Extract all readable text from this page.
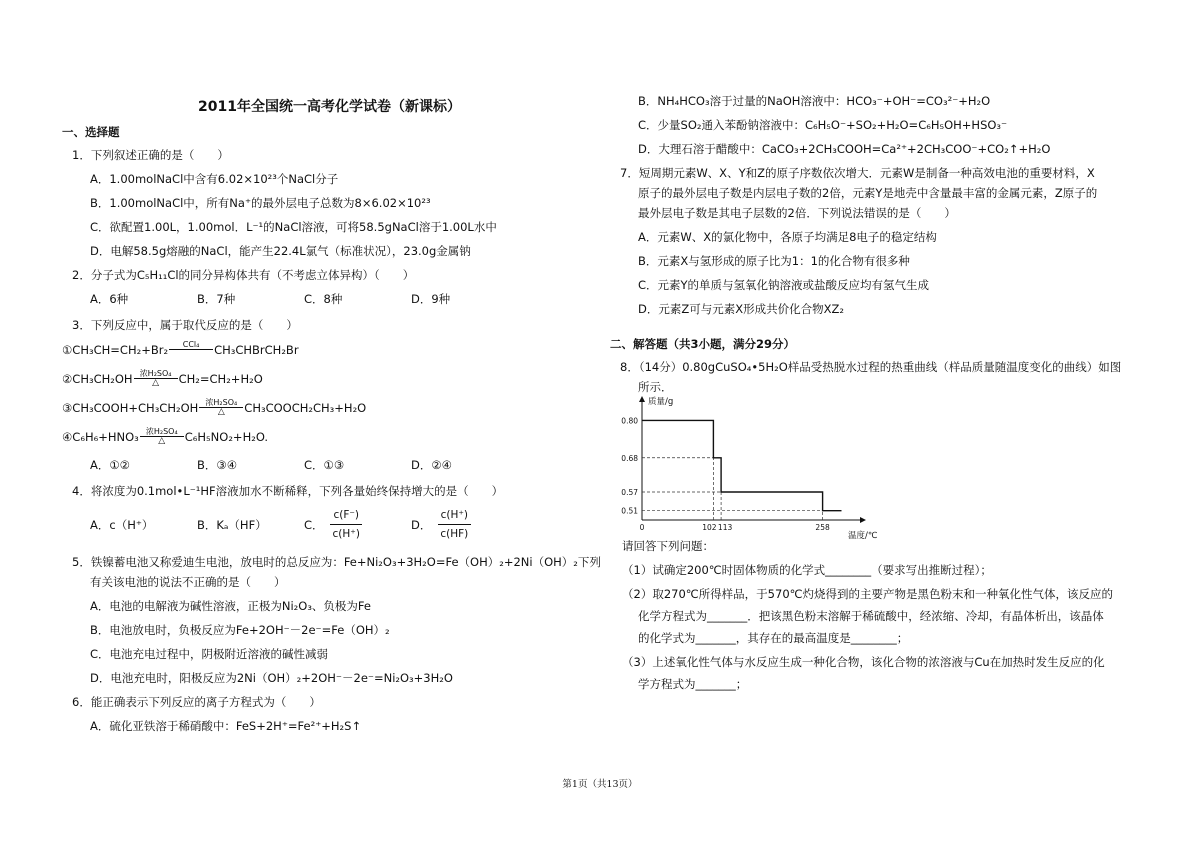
2011年全国统一高考化学试卷（新课标）
一、选择题
1．下列叙述正确的是（　　）
A．1.00molNaCl中含有6.02×10²³个NaCl分子
B．1.00molNaCl中，所有Na⁺的最外层电子总数为8×6.02×10²³
C．欲配置1.00L，1.00mol．L⁻¹的NaCl溶液，可将58.5gNaCl溶于1.00L水中
D．电解58.5g熔融的NaCl，能产生22.4L氯气（标准状况），23.0g金属钠
2．分子式为C₅H₁₁Cl的同分异构体共有（不考虑立体异构）（　　）
A．6种	B．7种	C．8种	D．9种
3．下列反应中，属于取代反应的是（　　）
①CH₃CH=CH₂+Br₂ CCl₄
CH₃CHBrCH₂Br
②CH₃CH₂OH 浓H₂SO₄
△ CH₂=CH₂+H₂O
③CH₃COOH+CH₃CH₂OH 浓H₂SO₄
△ CH₃COOCH₂CH₃+H₂O
④C₆H₆+HNO₃ 浓H₂SO₄
△ C₆H₅NO₂+H₂O.
A．①②	B．③④	C．①③	D．②④
4．将浓度为0.1mol•L⁻¹HF溶液加水不断稀释，下列各量始终保持增大的是（　　）
A．c（H⁺）	B．Kₐ（HF）	C． $\frac{c(F^-)}{c(H^+)}$	D． $\frac{c(H^+)}{c(HF)}$
5．铁镍蓄电池又称爱迪生电池，放电时的总反应为：Fe+Ni₂O₃+3H₂O=Fe（OH）₂+2Ni（OH）₂下列
有关该电池的说法不正确的是（　　）
A．电池的电解液为碱性溶液，正极为Ni₂O₃、负极为Fe
B．电池放电时，负极反应为Fe+2OH⁻－2e⁻=Fe（OH）₂
C．电池充电过程中，阴极附近溶液的碱性减弱
D．电池充电时，阳极反应为2Ni（OH）₂+2OH⁻－2e⁻=Ni₂O₃+3H₂O
6．能正确表示下列反应的离子方程式为（　　）
A．硫化亚铁溶于稀硝酸中：FeS+2H⁺=Fe²⁺+H₂S↑
B．NH₄HCO₃溶于过量的NaOH溶液中：HCO₃⁻+OH⁻=CO₃²⁻+H₂O
C．少量SO₂通入苯酚钠溶液中：C₆H₅O⁻+SO₂+H₂O=C₆H₅OH+HSO₃⁻
D．大理石溶于醋酸中：CaCO₃+2CH₃COOH=Ca²⁺+2CH₃COO⁻+CO₂↑+H₂O
7．短周期元素W、X、Y和Z的原子序数依次增大．元素W是制备一种高效电池的重要材料，X
原子的最外层电子数是内层电子数的2倍，元素Y是地壳中含量最丰富的金属元素，Z原子的
最外层电子数是其电子层数的2倍．下列说法错误的是（　　）
A．元素W、X的氯化物中，各原子均满足8电子的稳定结构
B．元素X与氢形成的原子比为1：1的化合物有很多种
C．元素Y的单质与氢氧化钠溶液或盐酸反应均有氢气生成
D．元素Z可与元素X形成共价化合物XZ₂
二、解答题（共3小题，满分29分）
8．（14分）0.80gCuSO₄•5H₂O样品受热脱水过程的热重曲线（样品质量随温度变化的曲线）如图
所示．
质量/g
温度/℃
0.80
0.68
0.57
0.51
0	102 113	258
请回答下列问题：
（1）试确定200℃时固体物质的化学式________（要求写出推断过程）；
（2）取270℃所得样品，于570℃灼烧得到的主要产物是黑色粉末和一种氧化性气体，该反应的
化学方程式为_______．把该黑色粉末溶解于稀硫酸中，经浓缩、冷却，有晶体析出，该晶体
的化学式为_______，其存在的最高温度是________；
（3）上述氧化性气体与水反应生成一种化合物，该化合物的浓溶液与Cu在加热时发生反应的化
学方程式为_______；
第1页（共13页）
